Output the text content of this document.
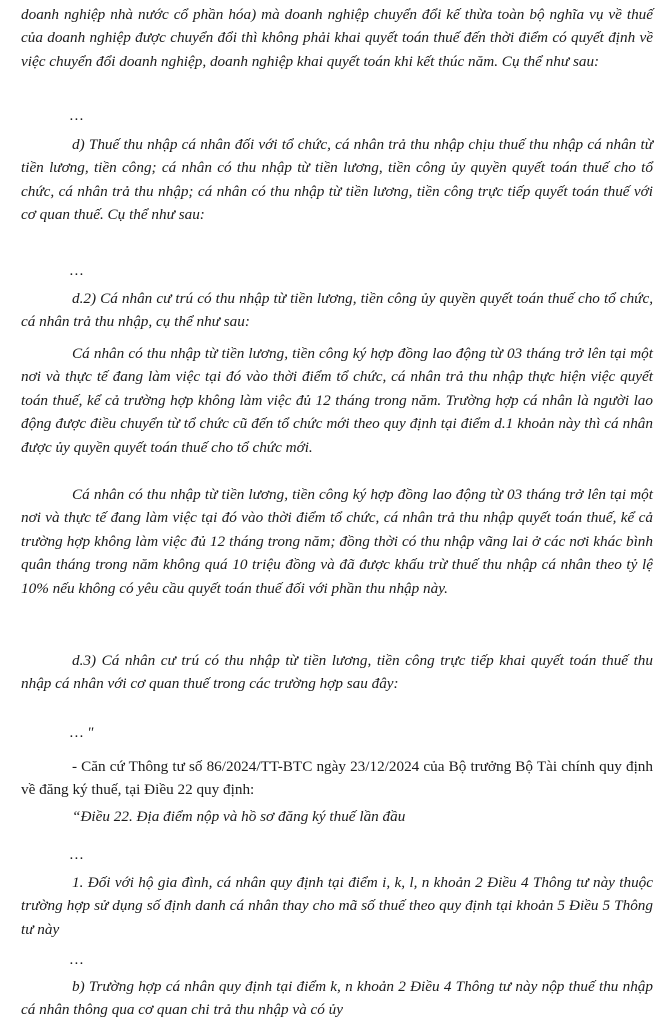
doanh nghiệp nhà nước cổ phần hóa) mà doanh nghiệp chuyển đổi kế thừa toàn bộ nghĩa vụ về thuế của doanh nghiệp được chuyển đổi thì không phải khai quyết toán thuế đến thời điểm có quyết định về việc chuyển đổi doanh nghiệp, doanh nghiệp khai quyết toán khi kết thúc năm. Cụ thể như sau:

…

d) Thuế thu nhập cá nhân đối với tổ chức, cá nhân trả thu nhập chịu thuế thu nhập cá nhân từ tiền lương, tiền công; cá nhân có thu nhập từ tiền lương, tiền công ủy quyền quyết toán thuế cho tổ chức, cá nhân trả thu nhập; cá nhân có thu nhập từ tiền lương, tiền công trực tiếp quyết toán thuế với cơ quan thuế. Cụ thể như sau:

…

d.2) Cá nhân cư trú có thu nhập từ tiền lương, tiền công ủy quyền quyết toán thuế cho tổ chức, cá nhân trả thu nhập, cụ thể như sau:

Cá nhân có thu nhập từ tiền lương, tiền công ký hợp đồng lao động từ 03 tháng trở lên tại một nơi và thực tế đang làm việc tại đó vào thời điểm tổ chức, cá nhân trả thu nhập thực hiện việc quyết toán thuế, kể cả trường hợp không làm việc đủ 12 tháng trong năm. Trường hợp cá nhân là người lao động được điều chuyển từ tổ chức cũ đến tổ chức mới theo quy định tại điểm d.1 khoản này thì cá nhân được ủy quyền quyết toán thuế cho tổ chức mới.

Cá nhân có thu nhập từ tiền lương, tiền công ký hợp đồng lao động từ 03 tháng trở lên tại một nơi và thực tế đang làm việc tại đó vào thời điểm tổ chức, cá nhân trả thu nhập quyết toán thuế, kể cả trường hợp không làm việc đủ 12 tháng trong năm; đồng thời có thu nhập vãng lai ở các nơi khác bình quân tháng trong năm không quá 10 triệu đồng và đã được khấu trừ thuế thu nhập cá nhân theo tỷ lệ 10% nếu không có yêu cầu quyết toán thuế đối với phần thu nhập này.

d.3) Cá nhân cư trú có thu nhập từ tiền lương, tiền công trực tiếp khai quyết toán thuế thu nhập cá nhân với cơ quan thuế trong các trường hợp sau đây:

… "

- Căn cứ Thông tư số 86/2024/TT-BTC ngày 23/12/2024 của Bộ trưởng Bộ Tài chính quy định về đăng ký thuế, tại Điều 22 quy định:

“Điều 22. Địa điểm nộp và hồ sơ đăng ký thuế lần đầu

…

1. Đối với hộ gia đình, cá nhân quy định tại điểm i, k, l, n khoản 2 Điều 4 Thông tư này thuộc trường hợp sử dụng số định danh cá nhân thay cho mã số thuế theo quy định tại khoản 5 Điều 5 Thông tư này

…

b) Trường hợp cá nhân quy định tại điểm k, n khoản 2 Điều 4 Thông tư này nộp thuế thu nhập cá nhân thông qua cơ quan chi trả thu nhập và có ủy
